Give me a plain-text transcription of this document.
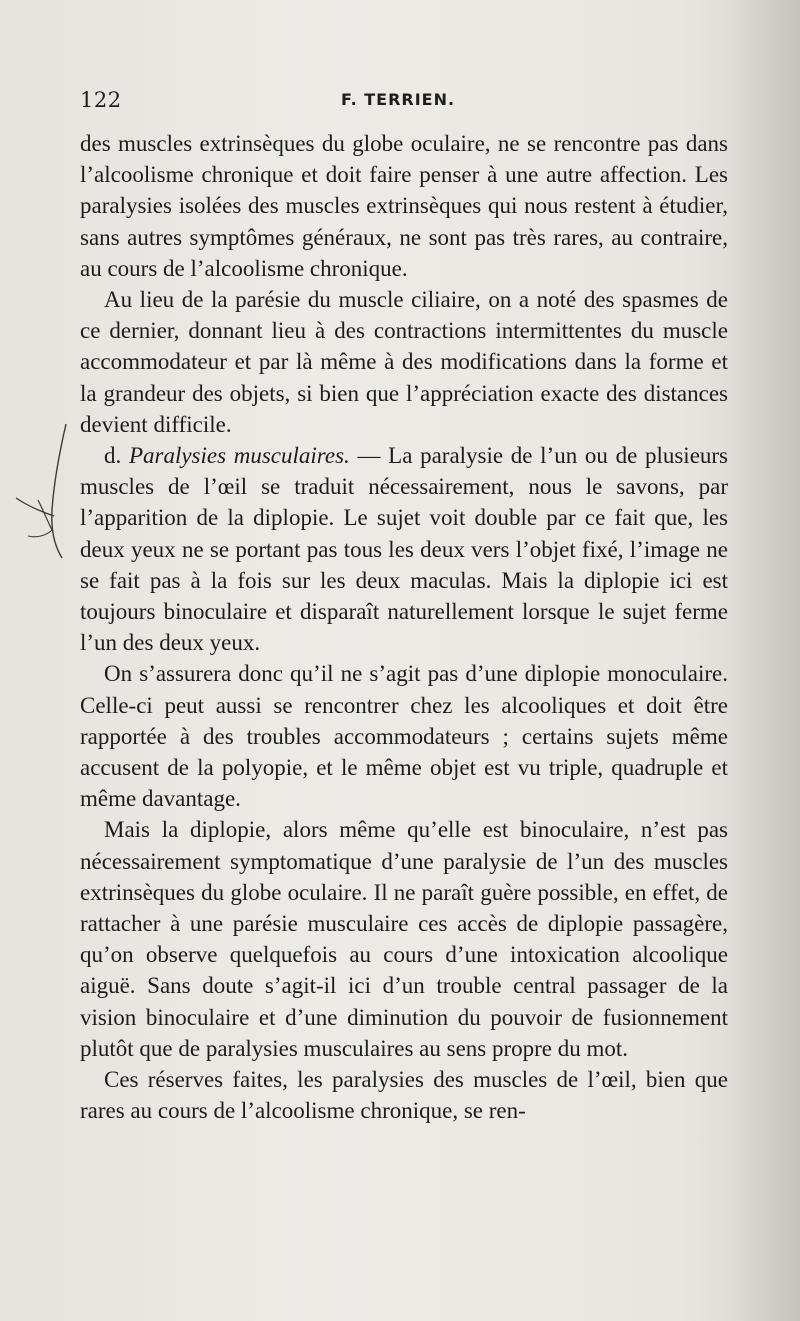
122	F. TERRIEN.

des muscles extrinsèques du globe oculaire, ne se rencontre pas dans l’alcoolisme chronique et doit faire penser à une autre affection. Les paralysies isolées des muscles extrinsèques qui nous restent à étudier, sans autres symptômes généraux, ne sont pas très rares, au contraire, au cours de l’alcoolisme chronique.

Au lieu de la parésie du muscle ciliaire, on a noté des spasmes de ce dernier, donnant lieu à des contractions intermittentes du muscle accommodateur et par là même à des modifications dans la forme et la grandeur des objets, si bien que l’appréciation exacte des distances devient difficile.

d. Paralysies musculaires. — La paralysie de l’un ou de plusieurs muscles de l’œil se traduit nécessairement, nous le savons, par l’apparition de la diplopie. Le sujet voit double par ce fait que, les deux yeux ne se portant pas tous les deux vers l’objet fixé, l’image ne se fait pas à la fois sur les deux maculas. Mais la diplopie ici est toujours binoculaire et disparaît naturellement lorsque le sujet ferme l’un des deux yeux.

On s’assurera donc qu’il ne s’agit pas d’une diplopie monoculaire. Celle-ci peut aussi se rencontrer chez les alcooliques et doit être rapportée à des troubles accommodateurs ; certains sujets même accusent de la polyopie, et le même objet est vu triple, quadruple et même davantage.

Mais la diplopie, alors même qu’elle est binoculaire, n’est pas nécessairement symptomatique d’une paralysie de l’un des muscles extrinsèques du globe oculaire. Il ne paraît guère possible, en effet, de rattacher à une parésie musculaire ces accès de diplopie passagère, qu’on observe quelquefois au cours d’une intoxication alcoolique aiguë. Sans doute s’agit-il ici d’un trouble central passager de la vision binoculaire et d’une diminution du pouvoir de fusionnement plutôt que de paralysies musculaires au sens propre du mot.

Ces réserves faites, les paralysies des muscles de l’œil, bien que rares au cours de l’alcoolisme chronique, se ren-
